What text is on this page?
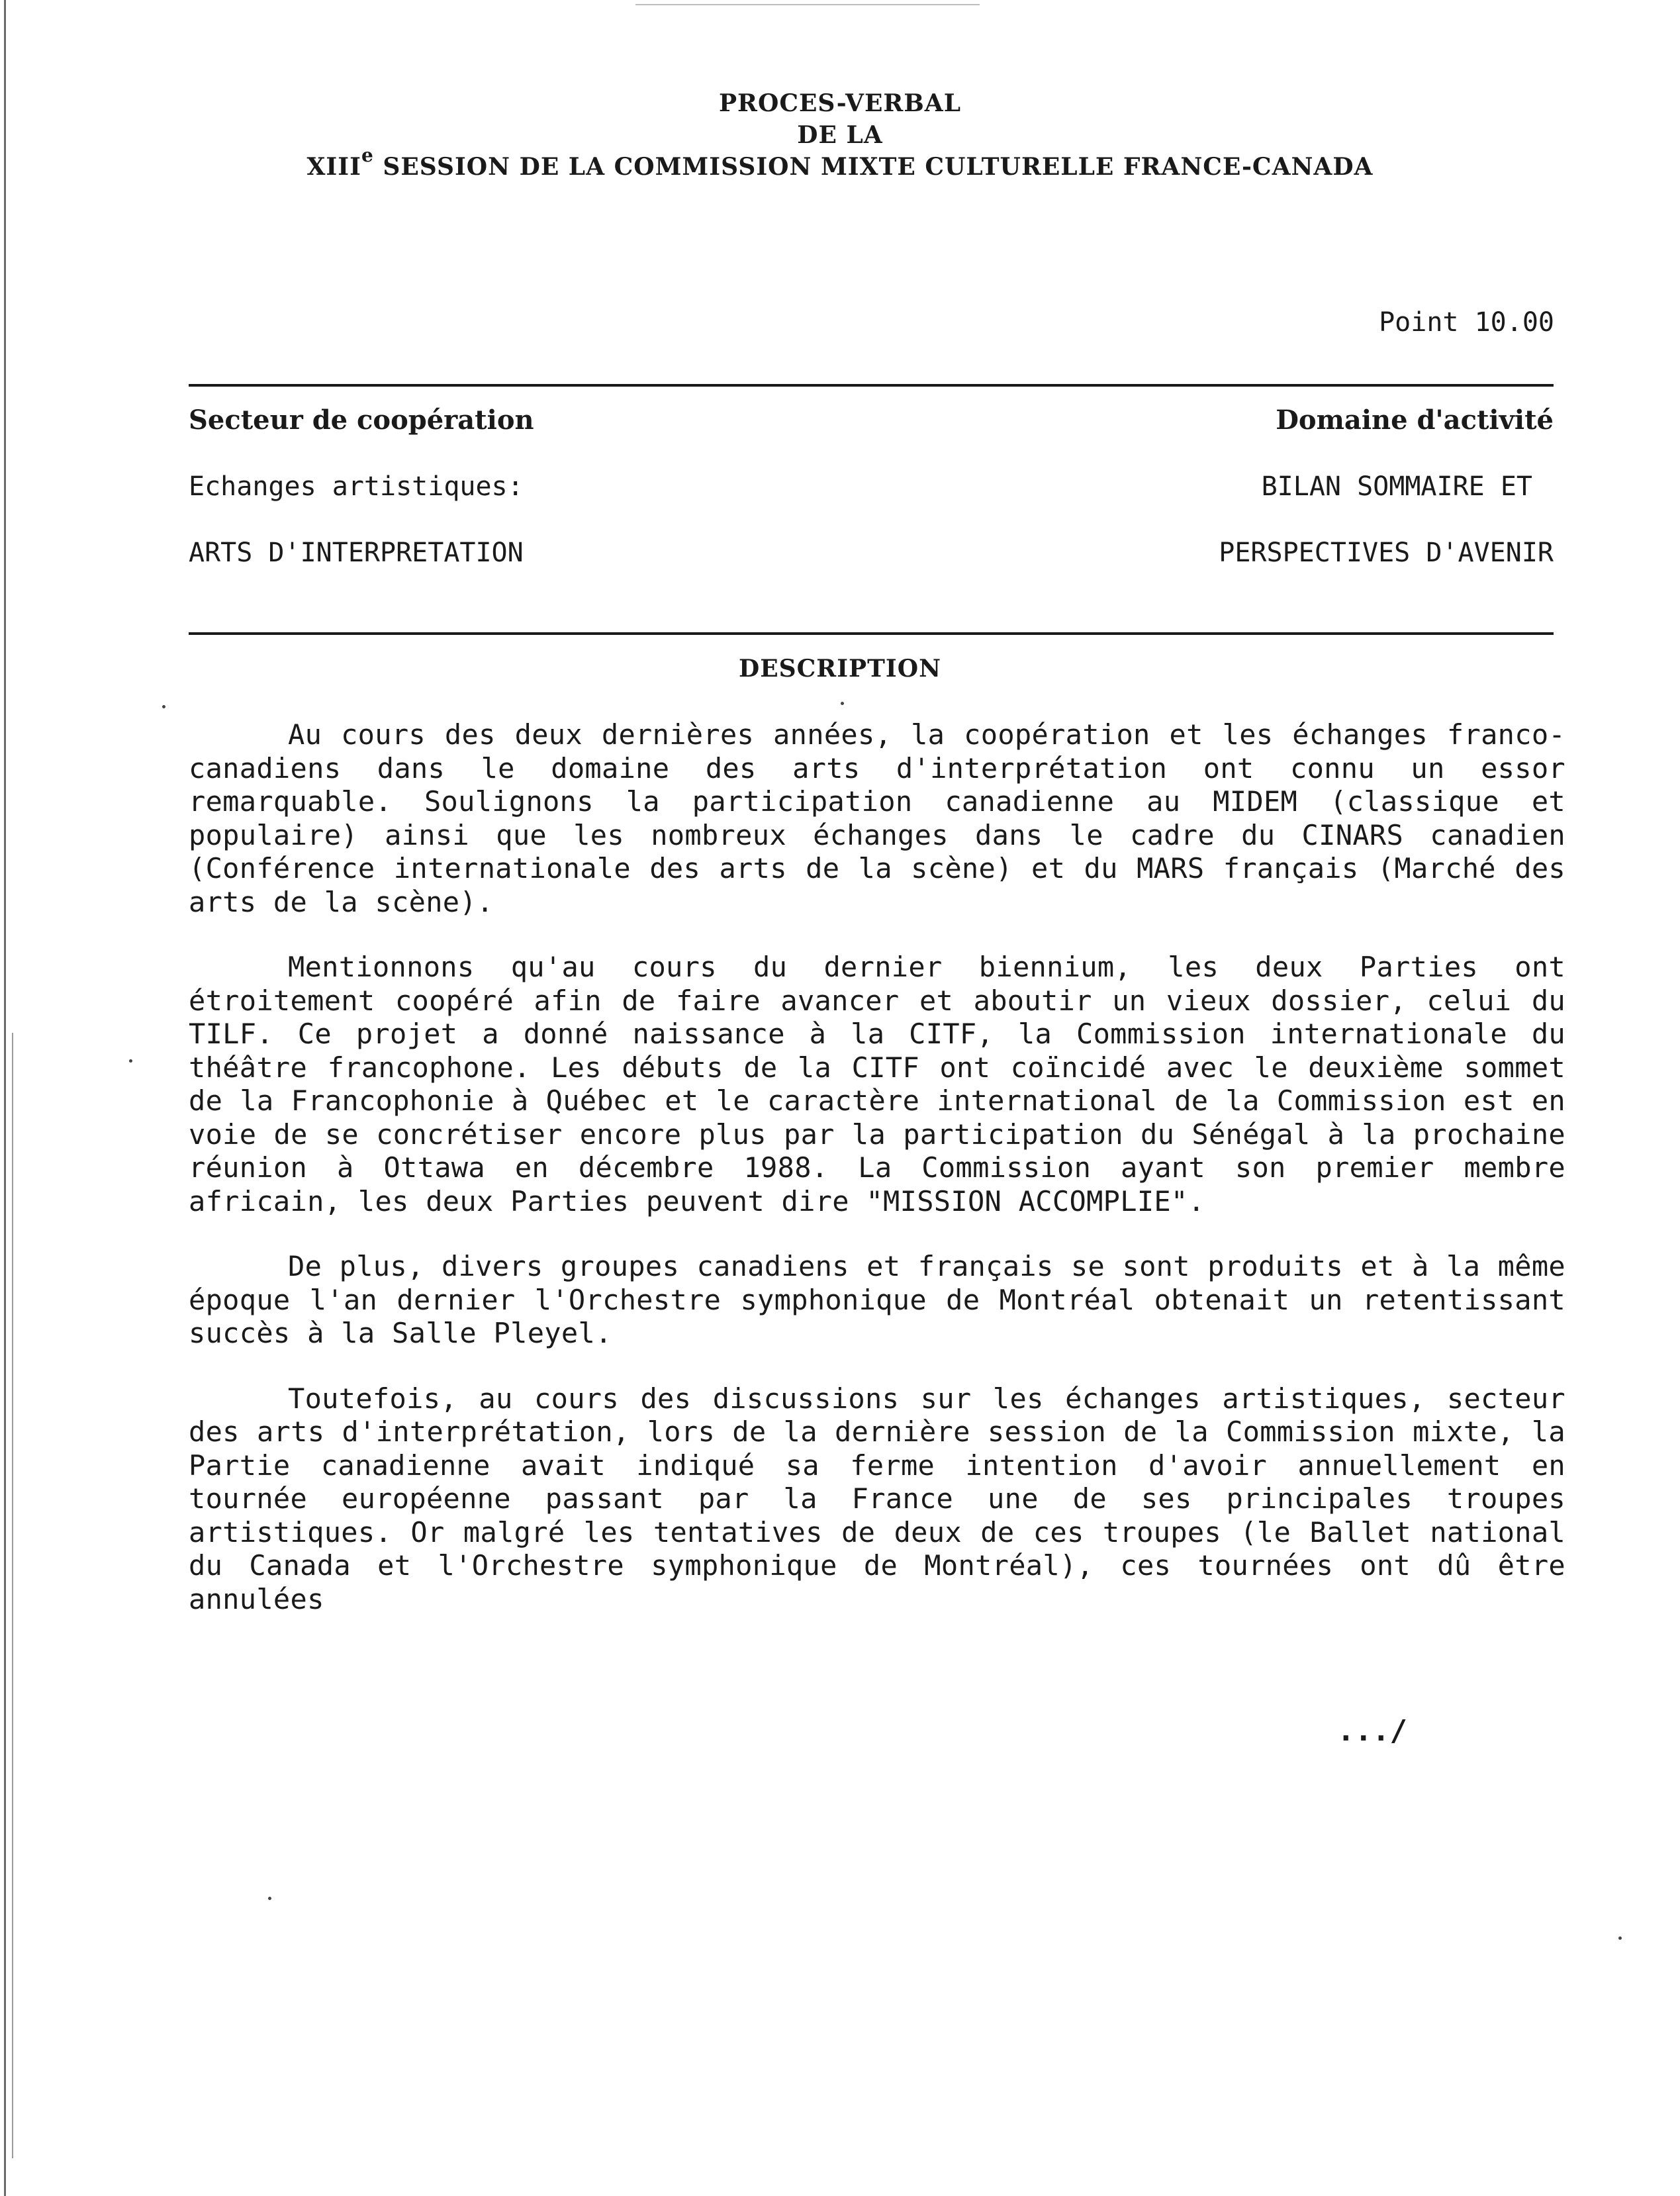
PROCES-VERBAL
DE LA
XIIIe SESSION DE LA COMMISSION MIXTE CULTURELLE FRANCE-CANADA
Point 10.00
Secteur de coopération	Domaine d'activité
Echanges artistiques:	BILAN SOMMAIRE ET
ARTS D'INTERPRETATION	PERSPECTIVES D'AVENIR
DESCRIPTION

Au cours des deux dernières années, la coopération et les échanges franco-canadiens dans le domaine des arts d'interprétation ont connu un essor remarquable. Soulignons la participation canadienne au MIDEM (classique et populaire) ainsi que les nombreux échanges dans le cadre du CINARS canadien (Conférence internationale des arts de la scène) et du MARS français (Marché des arts de la scène).

Mentionnons qu'au cours du dernier biennium, les deux Parties ont étroitement coopéré afin de faire avancer et aboutir un vieux dossier, celui du TILF. Ce projet a donné naissance à la CITF, la Commission internationale du théâtre francophone. Les débuts de la CITF ont coïncidé avec le deuxième sommet de la Francophonie à Québec et le caractère international de la Commission est en voie de se concrétiser encore plus par la participation du Sénégal à la prochaine réunion à Ottawa en décembre 1988. La Commission ayant son premier membre africain, les deux Parties peuvent dire "MISSION ACCOMPLIE".

De plus, divers groupes canadiens et français se sont produits et à la même époque l'an dernier l'Orchestre symphonique de Montréal obtenait un retentissant succès à la Salle Pleyel.

Toutefois, au cours des discussions sur les échanges artistiques, secteur des arts d'interprétation, lors de la dernière session de la Commission mixte, la Partie canadienne avait indiqué sa ferme intention d'avoir annuellement en tournée européenne passant par la France une de ses principales troupes artistiques. Or malgré les tentatives de deux de ces troupes (le Ballet national du Canada et l'Orchestre symphonique de Montréal), ces tournées ont dû être annulées

.../
